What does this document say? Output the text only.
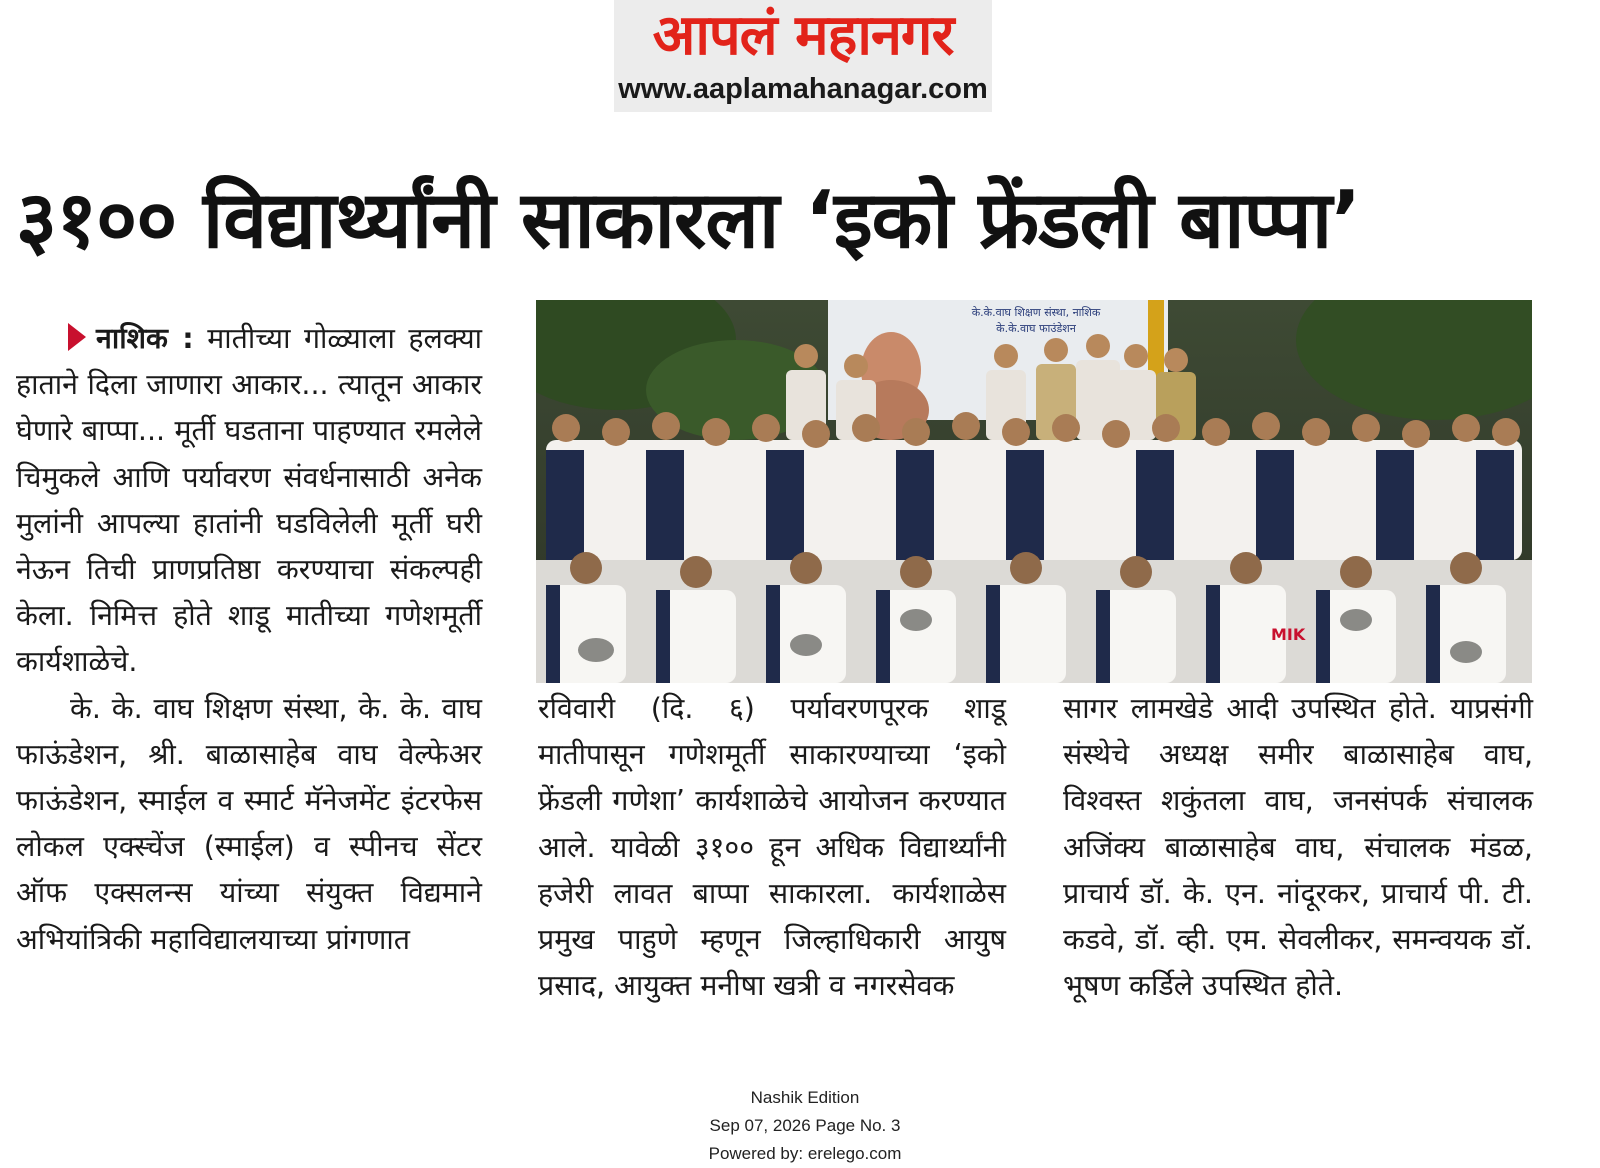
आपलं महानगर
www.aaplamahanagar.com
३१०० विद्यार्थ्यांनी साकारला ‘इको फ्रेंडली बाप्पा’

नाशिक : मातीच्या गोळ्याला हलक्या हाताने दिला जाणारा आकार... त्यातून आकार घेणारे बाप्पा... मूर्ती घडताना पाहण्यात रमलेले चिमुकले आणि पर्यावरण संवर्धनासाठी अनेक मुलांनी आपल्या हातांनी घडविलेली मूर्ती घरी नेऊन तिची प्राणप्रतिष्ठा करण्याचा संकल्पही केला. निमित्त होते शाडू मातीच्या गणेशमूर्ती कार्यशाळेचे.

के. के. वाघ शिक्षण संस्था, के. के. वाघ फाऊंडेशन, श्री. बाळासाहेब वाघ वेल्फेअर फाऊंडेशन, स्माईल व स्मार्ट मॅनेजमेंट इंटरफेस लोकल एक्स्चेंज (स्माईल) व स्पीनच सेंटर ऑफ एक्सलन्स यांच्या संयुक्त विद्यमाने अभियांत्रिकी महाविद्यालयाच्या प्रांगणात

के.के.वाघ शिक्षण संस्था, नाशिक
के.के.वाघ फाउंडेशन
MIK

रविवारी (दि. ६) पर्यावरणपूरक शाडू मातीपासून गणेशमूर्ती साकारण्याच्या ‘इको फ्रेंडली गणेशा’ कार्यशाळेचे आयोजन करण्यात आले. यावेळी ३१०० हून अधिक विद्यार्थ्यांनी हजेरी लावत बाप्पा साकारला. कार्यशाळेस प्रमुख पाहुणे म्हणून जिल्हाधिकारी आयुष प्रसाद, आयुक्त मनीषा खत्री व नगरसेवक

सागर लामखेडे आदी उपस्थित होते. याप्रसंगी संस्थेचे अध्यक्ष समीर बाळासाहेब वाघ, विश्वस्त शकुंतला वाघ, जनसंपर्क संचालक अजिंक्य बाळासाहेब वाघ, संचालक मंडळ, प्राचार्य डॉ. के. एन. नांदूरकर, प्राचार्य पी. टी. कडवे, डॉ. व्ही. एम. सेवलीकर, समन्वयक डॉ. भूषण कर्डिले उपस्थित होते.

Nashik Edition
Sep 07, 2026 Page No. 3
Powered by: erelego.com
